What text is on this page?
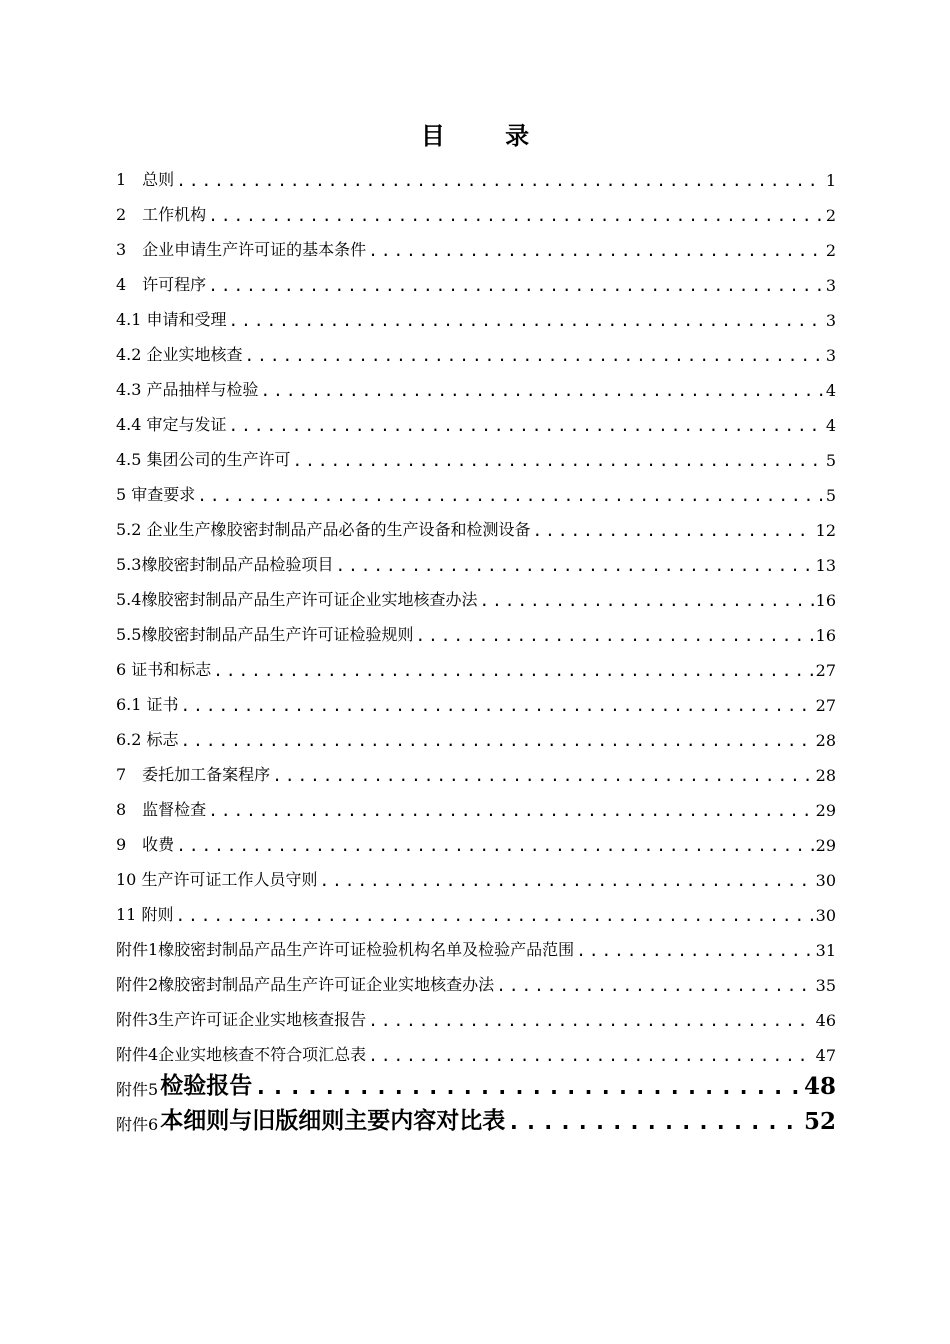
目 录
1　总则 .....	1
2　工作机构 .....	2
3　企业申请生产许可证的基本条件 .....	2
4　许可程序 .....	3
4.1 申请和受理 .....	3
4.2 企业实地核查 .....	3
4.3 产品抽样与检验 .....	4
4.4 审定与发证 .....	4
4.5 集团公司的生产许可 .....	5
5 审查要求 .....	5
5.2 企业生产橡胶密封制品产品必备的生产设备和检测设备 .....	12
5.3橡胶密封制品产品检验项目 .....	13
5.4橡胶密封制品产品生产许可证企业实地核查办法 .....	16
5.5橡胶密封制品产品生产许可证检验规则 .....	16
6 证书和标志 .....	27
6.1 证书 .....	27
6.2 标志 .....	28
7　委托加工备案程序 .....	28
8　监督检查 .....	29
9　收费 .....	29
10 生产许可证工作人员守则 .....	30
11 附则 .....	30
附件1橡胶密封制品产品生产许可证检验机构名单及检验产品范围 .....	31
附件2橡胶密封制品产品生产许可证企业实地核查办法 .....	35
附件3生产许可证企业实地核查报告 .....	46
附件4企业实地核查不符合项汇总表 .....	47
附件5 检验报告 .....	48
附件6 本细则与旧版细则主要内容对比表 .....	52
